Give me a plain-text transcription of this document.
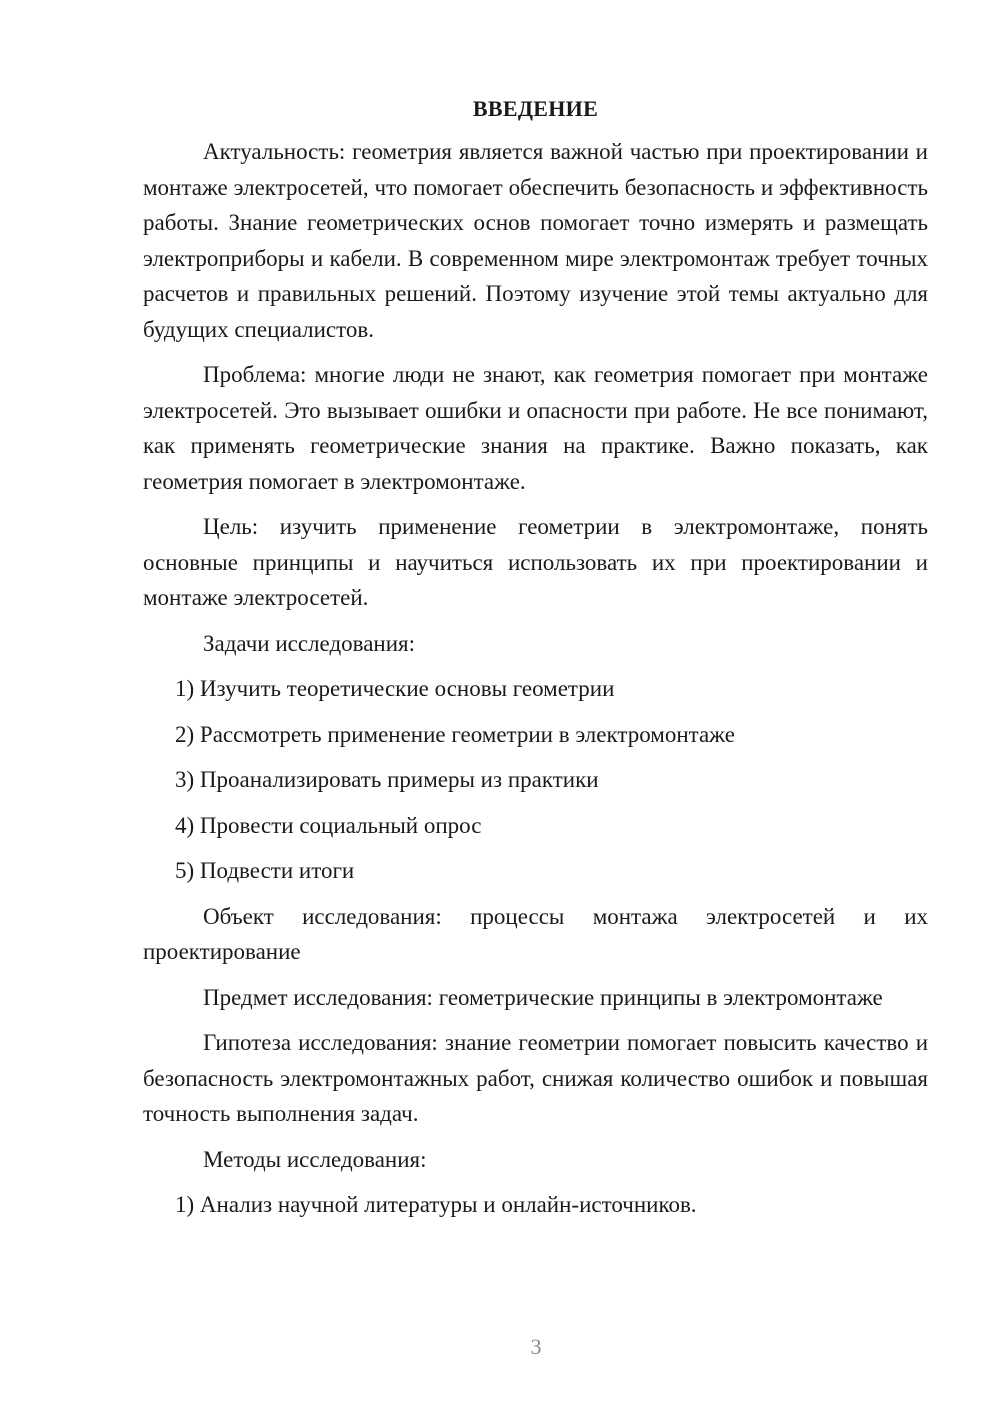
ВВЕДЕНИЕ

Актуальность: геометрия является важной частью при проектировании и монтаже электросетей, что помогает обеспечить безопасность и эффективность работы. Знание геометрических основ помогает точно измерять и размещать электроприборы и кабели. В современном мире электромонтаж требует точных расчетов и правильных решений. Поэтому изучение этой темы актуально для будущих специалистов.

Проблема: многие люди не знают, как геометрия помогает при монтаже электросетей. Это вызывает ошибки и опасности при работе. Не все понимают, как применять геометрические знания на практике. Важно показать, как геометрия помогает в электромонтаже.

Цель: изучить применение геометрии в электромонтаже, понять основные принципы и научиться использовать их при проектировании и монтаже электросетей.

Задачи исследования:

1) Изучить теоретические основы геометрии

2) Рассмотреть применение геометрии в электромонтаже

3) Проанализировать примеры из практики

4) Провести социальный опрос

5) Подвести итоги

Объект исследования: процессы монтажа электросетей и их проектирование

Предмет исследования: геометрические принципы в электромонтаже

Гипотеза исследования: знание геометрии помогает повысить качество и безопасность электромонтажных работ, снижая количество ошибок и повышая точность выполнения задач.

Методы исследования:

1) Анализ научной литературы и онлайн-источников.

3
